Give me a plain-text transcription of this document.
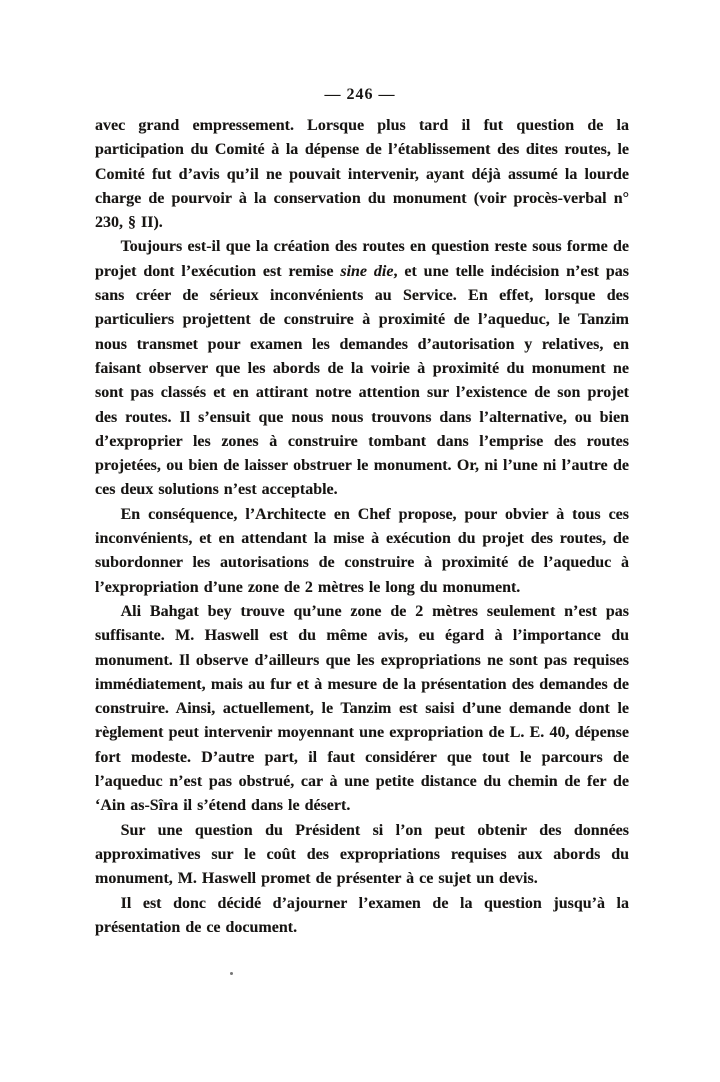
— 246 —

avec grand empressement. Lorsque plus tard il fut question de la participation du Comité à la dépense de l’établissement des dites routes, le Comité fut d’avis qu’il ne pouvait intervenir, ayant déjà assumé la lourde charge de pourvoir à la conservation du monument (voir procès-verbal n° 230, § II).

Toujours est-il que la création des routes en question reste sous forme de projet dont l’exécution est remise sine die, et une telle indécision n’est pas sans créer de sérieux inconvénients au Service. En effet, lorsque des particuliers projettent de construire à proximité de l’aqueduc, le Tanzim nous transmet pour examen les demandes d’autorisation y relatives, en faisant observer que les abords de la voirie à proximité du monument ne sont pas classés et en attirant notre attention sur l’existence de son projet des routes. Il s’ensuit que nous nous trouvons dans l’alternative, ou bien d’exproprier les zones à construire tombant dans l’emprise des routes projetées, ou bien de laisser obstruer le monument. Or, ni l’une ni l’autre de ces deux solutions n’est acceptable.

En conséquence, l’Architecte en Chef propose, pour obvier à tous ces inconvénients, et en attendant la mise à exécution du projet des routes, de subordonner les autorisations de construire à proximité de l’aqueduc à l’expropriation d’une zone de 2 mètres le long du monument.

Ali Bahgat bey trouve qu’une zone de 2 mètres seulement n’est pas suffisante. M. Haswell est du même avis, eu égard à l’importance du monument. Il observe d’ailleurs que les expropriations ne sont pas requises immédiatement, mais au fur et à mesure de la présentation des demandes de construire. Ainsi, actuellement, le Tanzim est saisi d’une demande dont le règlement peut intervenir moyennant une expropriation de L. E. 40, dépense fort modeste. D’autre part, il faut considérer que tout le parcours de l’aqueduc n’est pas obstrué, car à une petite distance du chemin de fer de ‘Ain as-Sîra il s’étend dans le désert.

Sur une question du Président si l’on peut obtenir des données approximatives sur le coût des expropriations requises aux abords du monument, M. Haswell promet de présenter à ce sujet un devis.

Il est donc décidé d’ajourner l’examen de la question jusqu’à la présentation de ce document.
